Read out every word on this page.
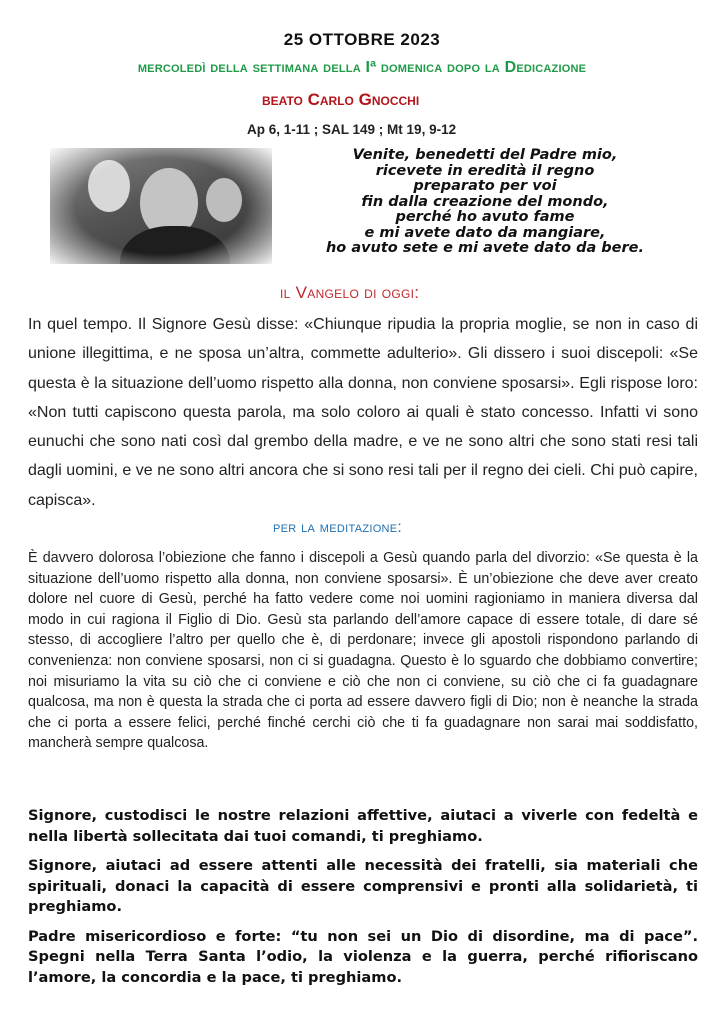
25 OTTOBRE 2023
mercoledì della settimana della Iª domenica dopo la Dedicazione
beato Carlo Gnocchi
Ap 6, 1-11 ; SAL 149 ; Mt 19, 9-12
Venite, benedetti del Padre mio,
ricevete in eredità il regno
preparato per voi
fin dalla creazione del mondo,
perché ho avuto fame
e mi avete dato da mangiare,
ho avuto sete e mi avete dato da bere.
il Vangelo di oggi:
In quel tempo. Il Signore Gesù disse: «Chiunque ripudia la propria moglie, se non in caso di unione illegittima, e ne sposa un’altra, commette adulterio». Gli dissero i suoi discepoli: «Se questa è la situazione dell’uomo rispetto alla donna, non conviene sposarsi». Egli rispose loro: «Non tutti capiscono questa parola, ma solo coloro ai quali è stato concesso. Infatti vi sono eunuchi che sono nati così dal grembo della madre, e ve ne sono altri che sono stati resi tali dagli uomini, e ve ne sono altri ancora che si sono resi tali per il regno dei cieli. Chi può capire, capisca».
per la meditazione:
È davvero dolorosa l’obiezione che fanno i discepoli a Gesù quando parla del divorzio: «Se questa è la situazione dell’uomo rispetto alla donna, non conviene sposarsi». È un’obiezione che deve aver creato dolore nel cuore di Gesù, perché ha fatto vedere come noi uomini ragioniamo in maniera diversa dal modo in cui ragiona il Figlio di Dio. Gesù sta parlando dell’amore capace di essere totale, di dare sé stesso, di accogliere l’altro per quello che è, di perdonare; invece gli apostoli rispondono parlando di convenienza: non conviene sposarsi, non ci si guadagna. Questo è lo sguardo che dobbiamo convertire; noi misuriamo la vita su ciò che ci conviene e ciò che non ci conviene, su ciò che ci fa guadagnare qualcosa, ma non è questa la strada che ci porta ad essere davvero figli di Dio; non è neanche la strada che ci porta a essere felici, perché finché cerchi ciò che ti fa guadagnare non sarai mai soddisfatto, mancherà sempre qualcosa.

Signore, custodisci le nostre relazioni affettive, aiutaci a viverle con fedeltà e nella libertà sollecitata dai tuoi comandi, ti preghiamo.

Signore, aiutaci ad essere attenti alle necessità dei fratelli, sia materiali che spirituali, donaci la capacità di essere comprensivi e pronti alla solidarietà, ti preghiamo.

Padre misericordioso e forte: “tu non sei un Dio di disordine, ma di pace”. Spegni nella Terra Santa l’odio, la violenza e la guerra, perché rifioriscano l’amore, la concordia e la pace, ti preghiamo.
